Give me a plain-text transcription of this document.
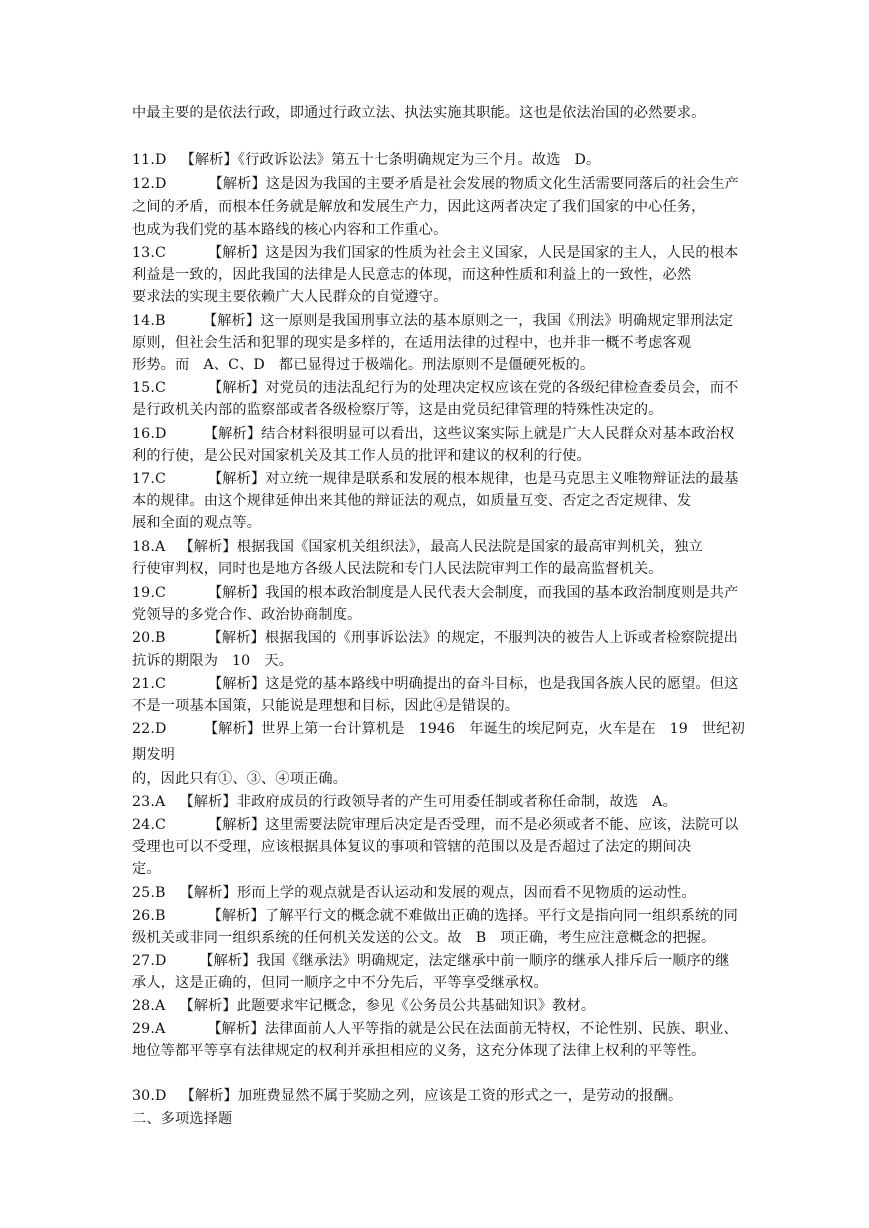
中最主要的是依法行政，即通过行政立法、执法实施其职能。这也是依法治国的必然要求。

11.D   【解析】《行政诉讼法》第五十七条明确规定为三个月。故选   D。

12.D         【解析】这是因为我国的主要矛盾是社会发展的物质文化生活需要同落后的社会生产

之间的矛盾，而根本任务就是解放和发展生产力，因此这两者决定了我们国家的中心任务，

也成为我们党的基本路线的核心内容和工作重心。

13.C         【解析】这是因为我们国家的性质为社会主义国家，人民是国家的主人，人民的根本

利益是一致的，因此我国的法律是人民意志的体现，而这种性质和利益上的一致性，必然

要求法的实现主要依赖广大人民群众的自觉遵守。

14.B        【解析】这一原则是我国刑事立法的基本原则之一，我国《刑法》明确规定罪刑法定

原则，但社会生活和犯罪的现实是多样的，在适用法律的过程中，也并非一概不考虑客观

形势。而   A、C、D   都已显得过于极端化。刑法原则不是僵硬死板的。

15.C         【解析】对党员的违法乱纪行为的处理决定权应该在党的各级纪律检查委员会，而不

是行政机关内部的监察部或者各级检察厅等，这是由党员纪律管理的特殊性决定的。

16.D        【解析】结合材料很明显可以看出，这些议案实际上就是广大人民群众对基本政治权

利的行使，是公民对国家机关及其工作人员的批评和建议的权利的行使。

17.C         【解析】对立统一规律是联系和发展的根本规律，也是马克思主义唯物辩证法的最基

本的规律。由这个规律延伸出来其他的辩证法的观点，如质量互变、否定之否定规律、发

展和全面的观点等。

18.A   【解析】根据我国《国家机关组织法》，最高人民法院是国家的最高审判机关，独立

行使审判权，同时也是地方各级人民法院和专门人民法院审判工作的最高监督机关。

19.C         【解析】我国的根本政治制度是人民代表大会制度，而我国的基本政治制度则是共产

党领导的多党合作、政治协商制度。

20.B         【解析】根据我国的《刑事诉讼法》的规定，不服判决的被告人上诉或者检察院提出

抗诉的期限为   10   天。

21.C         【解析】这是党的基本路线中明确提出的奋斗目标，也是我国各族人民的愿望。但这

不是一项基本国策，只能说是理想和目标，因此④是错误的。

22.D        【解析】世界上第一台计算机是   1946   年诞生的埃尼阿克，火车是在   19   世纪初

期发明

的，因此只有①、③、④项正确。

23.A   【解析】非政府成员的行政领导者的产生可用委任制或者称任命制，故选   A。

24.C         【解析】这里需要法院审理后决定是否受理，而不是必须或者不能、应该，法院可以

受理也可以不受理，应该根据具体复议的事项和管辖的范围以及是否超过了法定的期间决

定。

25.B   【解析】形而上学的观点就是否认运动和发展的观点，因而看不见物质的运动性。

26.B         【解析】了解平行文的概念就不难做出正确的选择。平行文是指向同一组织系统的同

级机关或非同一组织系统的任何机关发送的公文。故   B   项正确，考生应注意概念的把握。

27.D       【解析】我国《继承法》明确规定，法定继承中前一顺序的继承人排斥后一顺序的继

承人，这是正确的，但同一顺序之中不分先后，平等享受继承权。

28.A   【解析】此题要求牢记概念，参见《公务员公共基础知识》教材。

29.A         【解析】法律面前人人平等指的就是公民在法面前无特权，不论性别、民族、职业、

地位等都平等享有法律规定的权利并承担相应的义务，这充分体现了法律上权利的平等性。

30.D   【解析】加班费显然不属于奖励之列，应该是工资的形式之一，是劳动的报酬。

二、多项选择题
